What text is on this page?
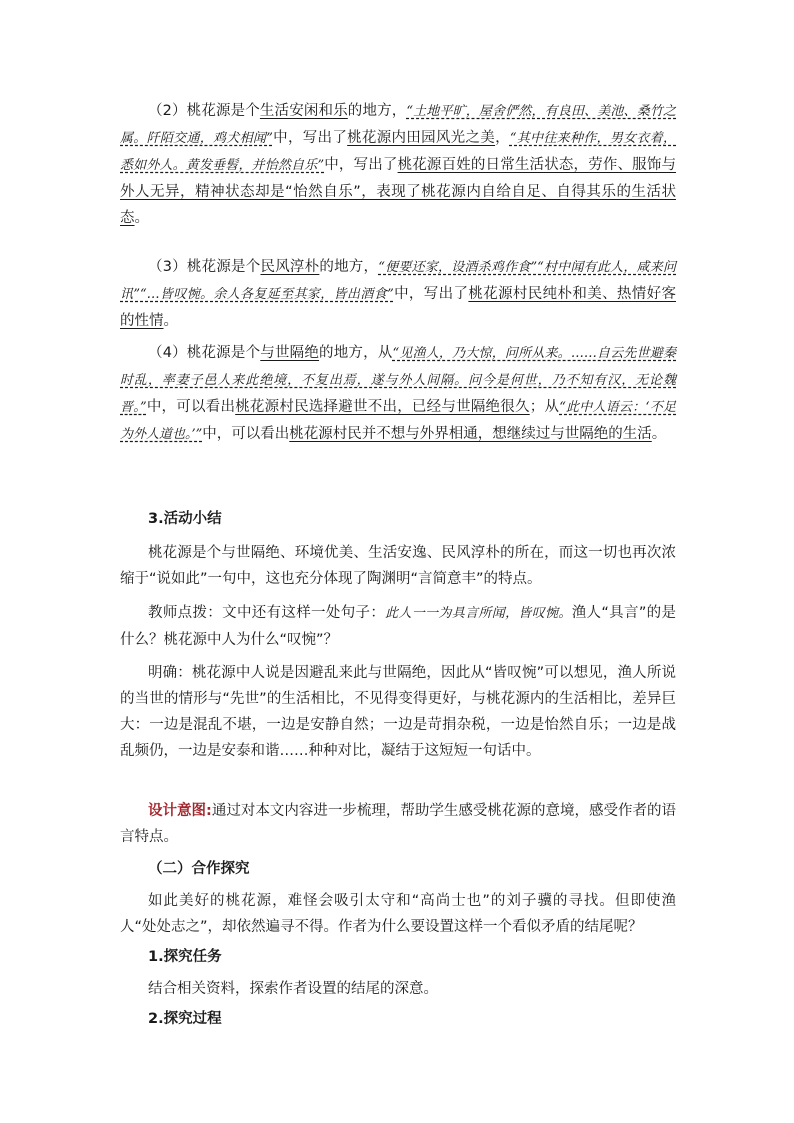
（2）桃花源是个生活安闲和乐的地方，“土地平旷，屋舍俨然，有良田、美池、桑竹之属。阡陌交通，鸡犬相闻”中，写出了桃花源内田园风光之美，“其中往来种作，男女衣着，悉如外人。黄发垂髫，并怡然自乐”中，写出了桃花源百姓的日常生活状态，劳作、服饰与外人无异，精神状态却是“怡然自乐”，表现了桃花源内自给自足、自得其乐的生活状态。

（3）桃花源是个民风淳朴的地方，“便要还家，设酒杀鸡作食”“村中闻有此人，咸来问讯”“…皆叹惋。余人各复延至其家，皆出酒食”中，写出了桃花源村民纯朴和美、热情好客的性情。

（4）桃花源是个与世隔绝的地方，从“见渔人，乃大惊，问所从来。……自云先世避秦时乱，率妻子邑人来此绝境，不复出焉，遂与外人间隔。问今是何世，乃不知有汉，无论魏晋。”中，可以看出桃花源村民选择避世不出，已经与世隔绝很久；从“此中人语云：‘不足为外人道也。’”中，可以看出桃花源村民并不想与外界相通，想继续过与世隔绝的生活。

3.活动小结

桃花源是个与世隔绝、环境优美、生活安逸、民风淳朴的所在，而这一切也再次浓缩于“说如此”一句中，这也充分体现了陶渊明“言简意丰”的特点。

教师点拨：文中还有这样一处句子：此人一一为具言所闻，皆叹惋。渔人“具言”的是什么？桃花源中人为什么“叹惋”？

明确：桃花源中人说是因避乱来此与世隔绝，因此从“皆叹惋”可以想见，渔人所说的当世的情形与“先世”的生活相比，不见得变得更好，与桃花源内的生活相比，差异巨大：一边是混乱不堪，一边是安静自然；一边是苛捐杂税，一边是怡然自乐；一边是战乱频仍，一边是安泰和谐……种种对比，凝结于这短短一句话中。

设计意图:通过对本文内容进一步梳理，帮助学生感受桃花源的意境，感受作者的语言特点。

（二）合作探究

如此美好的桃花源，难怪会吸引太守和“高尚士也”的刘子骥的寻找。但即使渔人“处处志之”，却依然遍寻不得。作者为什么要设置这样一个看似矛盾的结尾呢？

1.探究任务

结合相关资料，探索作者设置的结尾的深意。

2.探究过程
